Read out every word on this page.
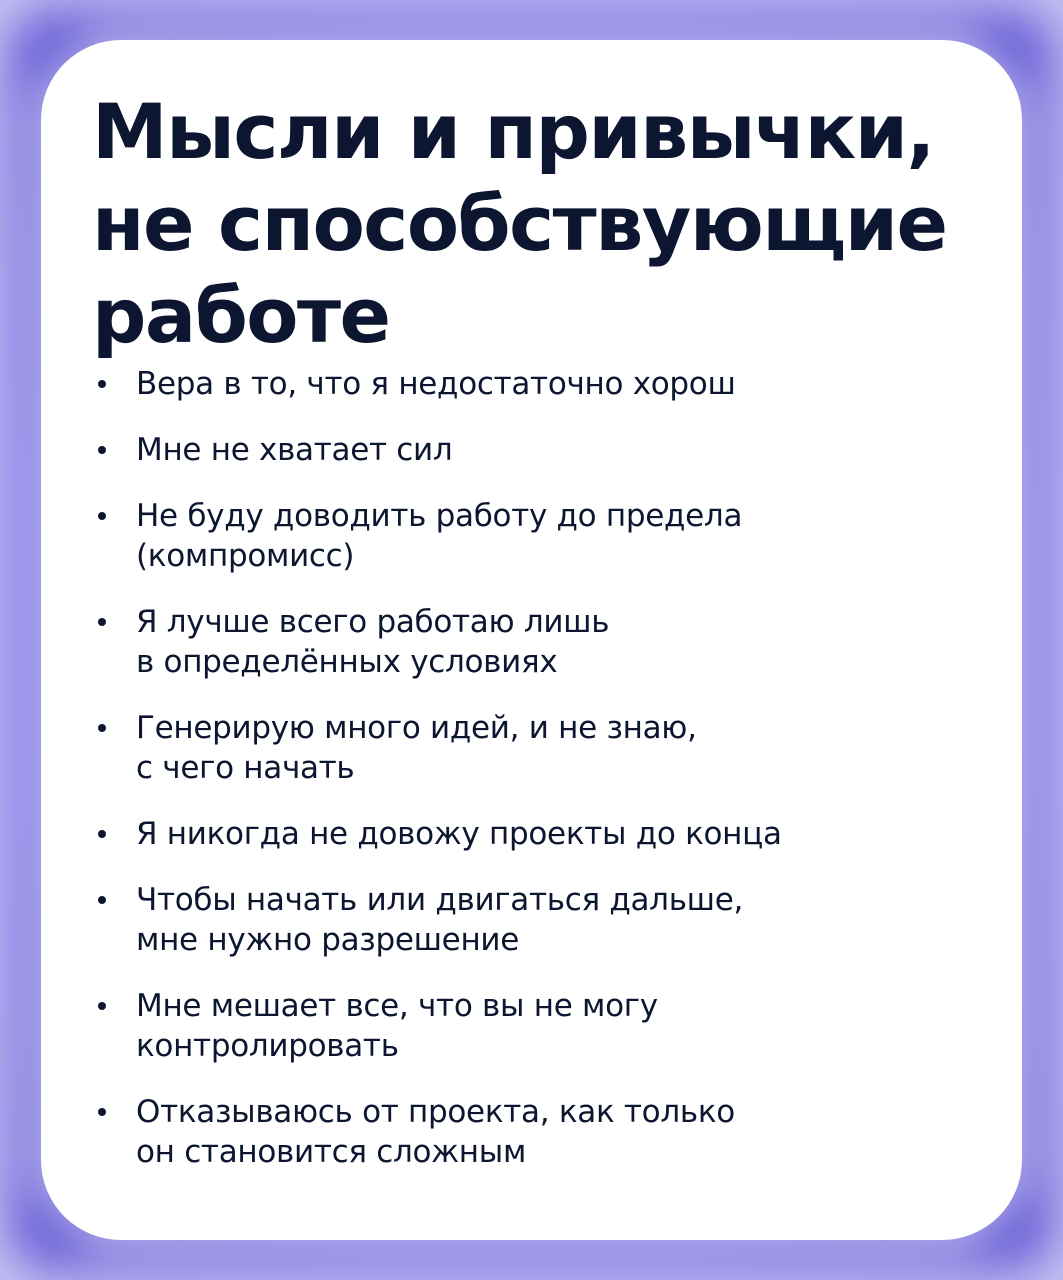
Мысли и привычки,
не способствующие
работе
Вера в то, что я недостаточно хорош
Мне не хватает сил
Не буду доводить работу до предела
(компромисс)
Я лучше всего работаю лишь
в определённых условиях
Генерирую много идей, и не знаю,
с чего начать
Я никогда не довожу проекты до конца
Чтобы начать или двигаться дальше,
мне нужно разрешение
Мне мешает все, что вы не могу
контролировать
Отказываюсь от проекта, как только
он становится сложным
